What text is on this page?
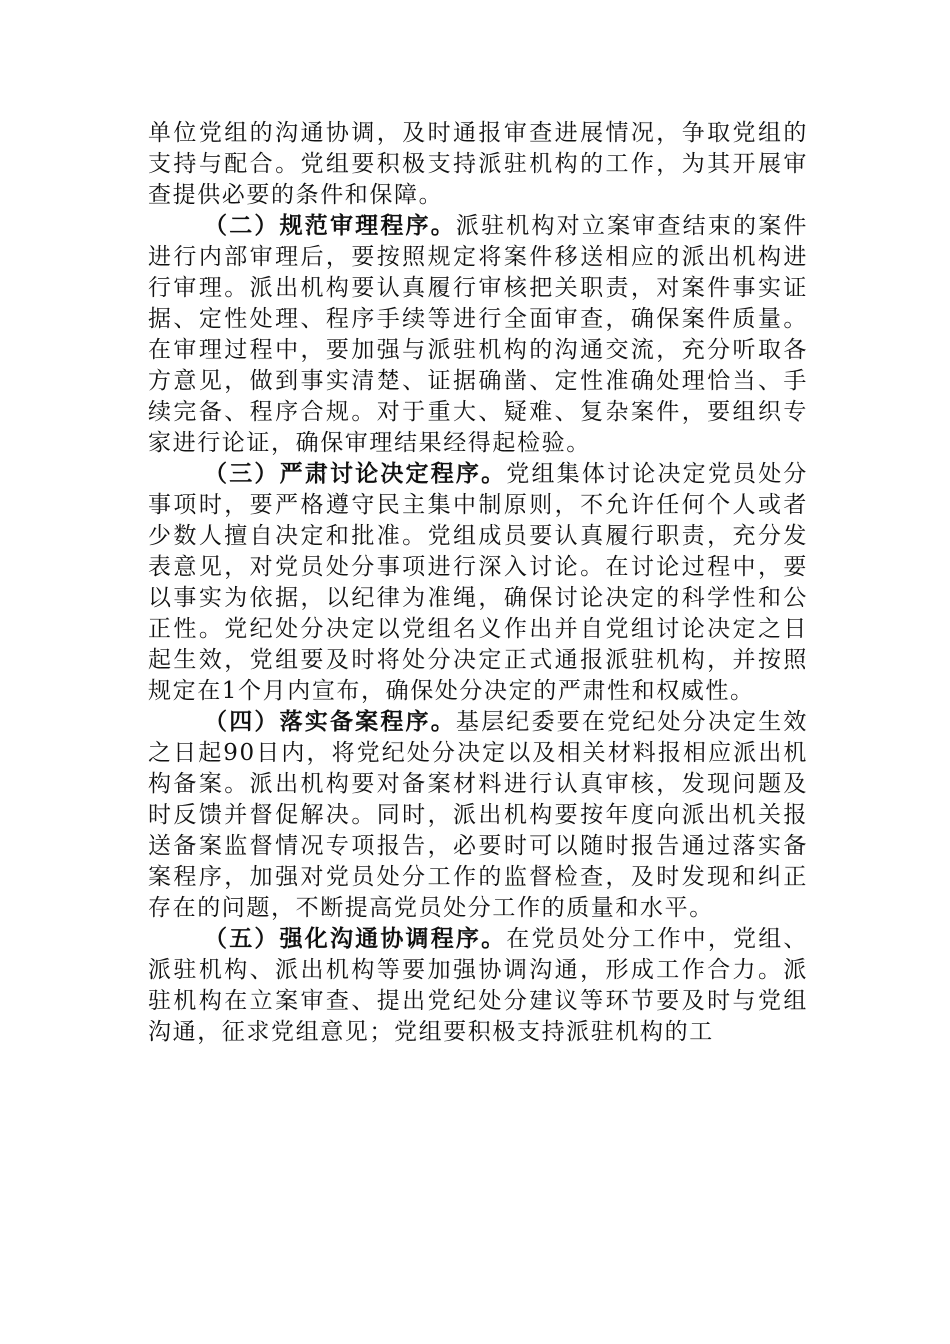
单位党组的沟通协调，及时通报审查进展情况，争取党组的支持与配合。党组要积极支持派驻机构的工作，为其开展审查提供必要的条件和保障。

（二）规范审理程序。派驻机构对立案审查结束的案件进行内部审理后，要按照规定将案件移送相应的派出机构进行审理。派出机构要认真履行审核把关职责，对案件事实证据、定性处理、程序手续等进行全面审查，确保案件质量。在审理过程中，要加强与派驻机构的沟通交流，充分听取各方意见，做到事实清楚、证据确凿、定性准确处理恰当、手续完备、程序合规。对于重大、疑难、复杂案件，要组织专家进行论证，确保审理结果经得起检验。

（三）严肃讨论决定程序。党组集体讨论决定党员处分事项时，要严格遵守民主集中制原则，不允许任何个人或者少数人擅自决定和批准。党组成员要认真履行职责，充分发表意见，对党员处分事项进行深入讨论。在讨论过程中，要以事实为依据，以纪律为准绳，确保讨论决定的科学性和公正性。党纪处分决定以党组名义作出并自党组讨论决定之日起生效，党组要及时将处分决定正式通报派驻机构，并按照规定在1个月内宣布，确保处分决定的严肃性和权威性。

（四）落实备案程序。基层纪委要在党纪处分决定生效之日起90日内，将党纪处分决定以及相关材料报相应派出机构备案。派出机构要对备案材料进行认真审核，发现问题及时反馈并督促解决。同时，派出机构要按年度向派出机关报送备案监督情况专项报告，必要时可以随时报告通过落实备案程序，加强对党员处分工作的监督检查，及时发现和纠正存在的问题，不断提高党员处分工作的质量和水平。

（五）强化沟通协调程序。在党员处分工作中，党组、派驻机构、派出机构等要加强协调沟通，形成工作合力。派驻机构在立案审查、提出党纪处分建议等环节要及时与党组沟通，征求党组意见；党组要积极支持派驻机构的工
